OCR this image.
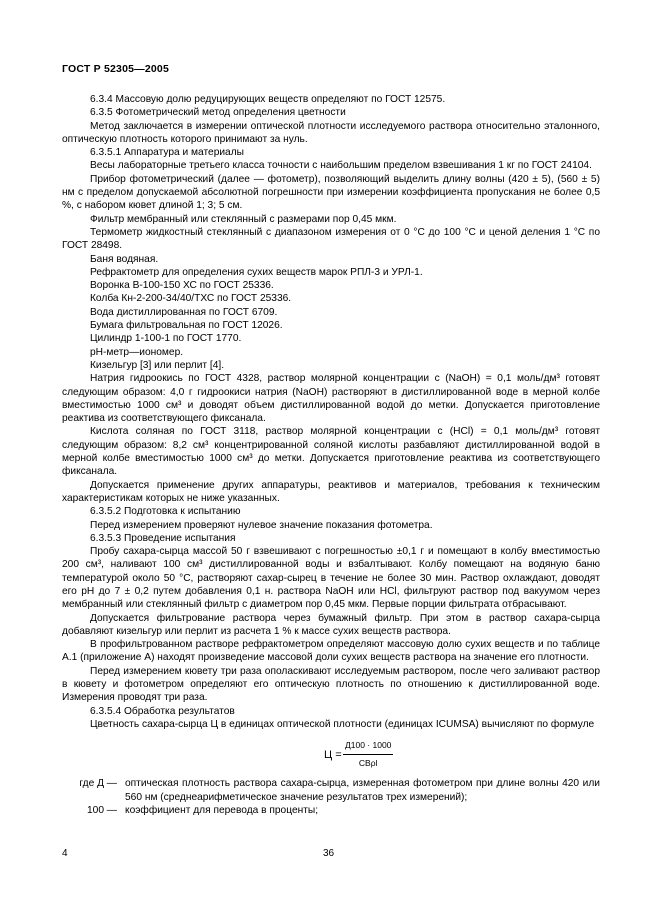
ГОСТ Р 52305—2005

6.3.4 Массовую долю редуцирующих веществ определяют по ГОСТ 12575.

6.3.5 Фотометрический метод определения цветности

Метод заключается в измерении оптической плотности исследуемого раствора относительно эталонного, оптическую плотность которого принимают за нуль.

6.3.5.1 Аппаратура и материалы

Весы лабораторные третьего класса точности с наибольшим пределом взвешивания 1 кг по ГОСТ 24104.

Прибор фотометрический (далее — фотометр), позволяющий выделить длину волны (420 ± 5), (560 ± 5) нм с пределом допускаемой абсолютной погрешности при измерении коэффициента пропускания не более 0,5 %, с набором кювет длиной 1; 3; 5 см.

Фильтр мембранный или стеклянный с размерами пор 0,45 мкм.

Термометр жидкостный стеклянный с диапазоном измерения от 0 °С до 100 °С и ценой деления 1 °С по ГОСТ 28498.

Баня водяная.

Рефрактометр для определения сухих веществ марок РПЛ-3 и УРЛ-1.

Воронка В-100-150 ХС по ГОСТ 25336.

Колба Кн-2-200-34/40/ТХС по ГОСТ 25336.

Вода дистиллированная по ГОСТ 6709.

Бумага фильтровальная по ГОСТ 12026.

Цилиндр 1-100-1 по ГОСТ 1770.

рН-метр—иономер.

Кизельгур [3] или перлит [4].

Натрия гидроокись по ГОСТ 4328, раствор молярной концентрации с (NaOH) = 0,1 моль/дм³ готовят следующим образом: 4,0 г гидроокиси натрия (NaOH) растворяют в дистиллированной воде в мерной колбе вместимостью 1000 см³ и доводят объем дистиллированной водой до метки. Допускается приготовление реактива из соответствующего фиксанала.

Кислота соляная по ГОСТ 3118, раствор молярной концентрации с (HCl) = 0,1 моль/дм³ готовят следующим образом: 8,2 см³ концентрированной соляной кислоты разбавляют дистиллированной водой в мерной колбе вместимостью 1000 см³ до метки. Допускается приготовление реактива из соответствующего фиксанала.

Допускается применение других аппаратуры, реактивов и материалов, требования к техническим характеристикам которых не ниже указанных.

6.3.5.2 Подготовка к испытанию

Перед измерением проверяют нулевое значение показания фотометра.

6.3.5.3 Проведение испытания

Пробу сахара-сырца массой 50 г взвешивают с погрешностью ±0,1 г и помещают в колбу вместимостью 200 см³, наливают 100 см³ дистиллированной воды и взбалтывают. Колбу помещают на водяную баню температурой около 50 °С, растворяют сахар-сырец в течение не более 30 мин. Раствор охлаждают, доводят его рН до 7 ± 0,2 путем добавления 0,1 н. раствора NaOH или HCl, фильтруют раствор под вакуумом через мембранный или стеклянный фильтр с диаметром пор 0,45 мкм. Первые порции фильтрата отбрасывают.

Допускается фильтрование раствора через бумажный фильтр. При этом в раствор сахара-сырца добавляют кизельгур или перлит из расчета 1 % к массе сухих веществ раствора.

В профильтрованном растворе рефрактометром определяют массовую долю сухих веществ и по таблице А.1 (приложение А) находят произведение массовой доли сухих веществ раствора на значение его плотности.

Перед измерением кювету три раза ополаскивают исследуемым раствором, после чего заливают раствор в кювету и фотометром определяют его оптическую плотность по отношению к дистиллированной воде. Измерения проводят три раза.

6.3.5.4 Обработка результатов

Цветность сахара-сырца Ц в единицах оптической плотности (единицах ICUMSA) вычисляют по формуле

Ц =
Д100 · 1000
СВρl
где Д — оптическая плотность раствора сахара-сырца, измеренная фотометром при длине волны 420 или 560 нм (среднеарифметическое значение результатов трех измерений);
100 — коэффициент для перевода в проценты;
4	36
